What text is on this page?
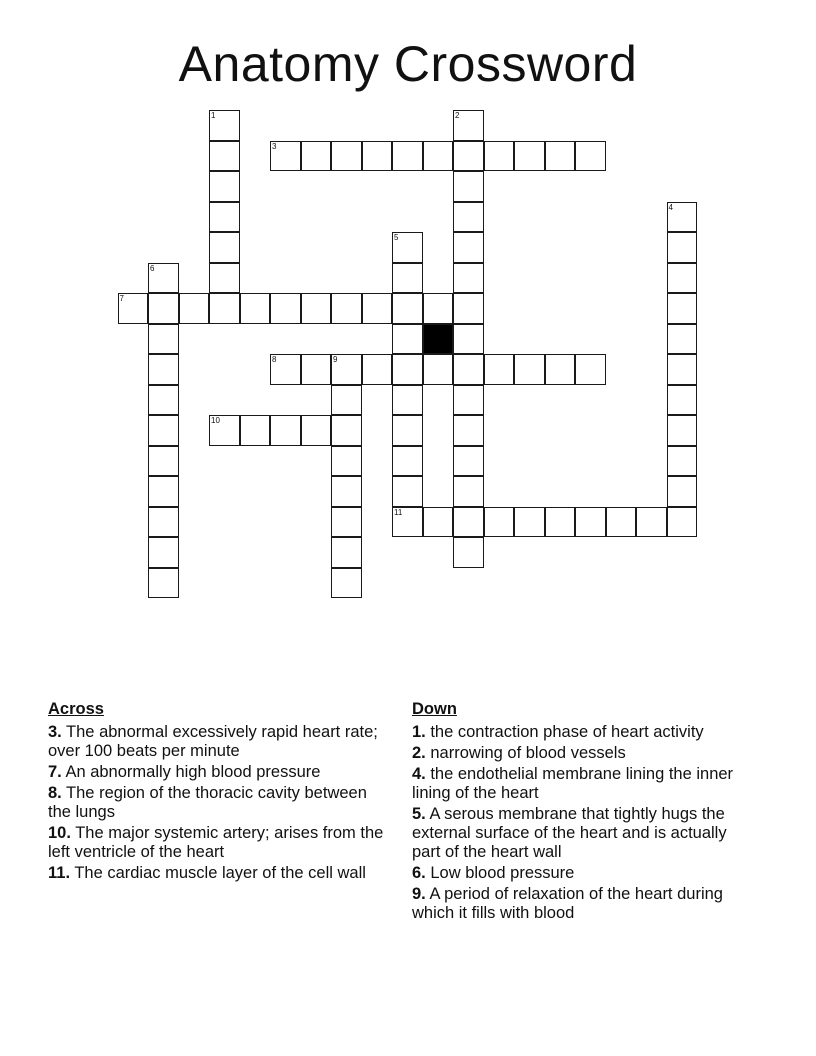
Anatomy Crossword
3
7
8	9
10
11
1	2
4
5
6
Across
3. The abnormal excessively rapid heart rate; over 100 beats per minute
7. An abnormally high blood pressure
8. The region of the thoracic cavity between the lungs
10. The major systemic artery; arises from the left ventricle of the heart
11. The cardiac muscle layer of the cell wall
Down
1. the contraction phase of heart activity
2. narrowing of blood vessels
4. the endothelial membrane lining the inner lining of the heart
5. A serous membrane that tightly hugs the external surface of the heart and is actually part of the heart wall
6. Low blood pressure
9. A period of relaxation of the heart during which it fills with blood
